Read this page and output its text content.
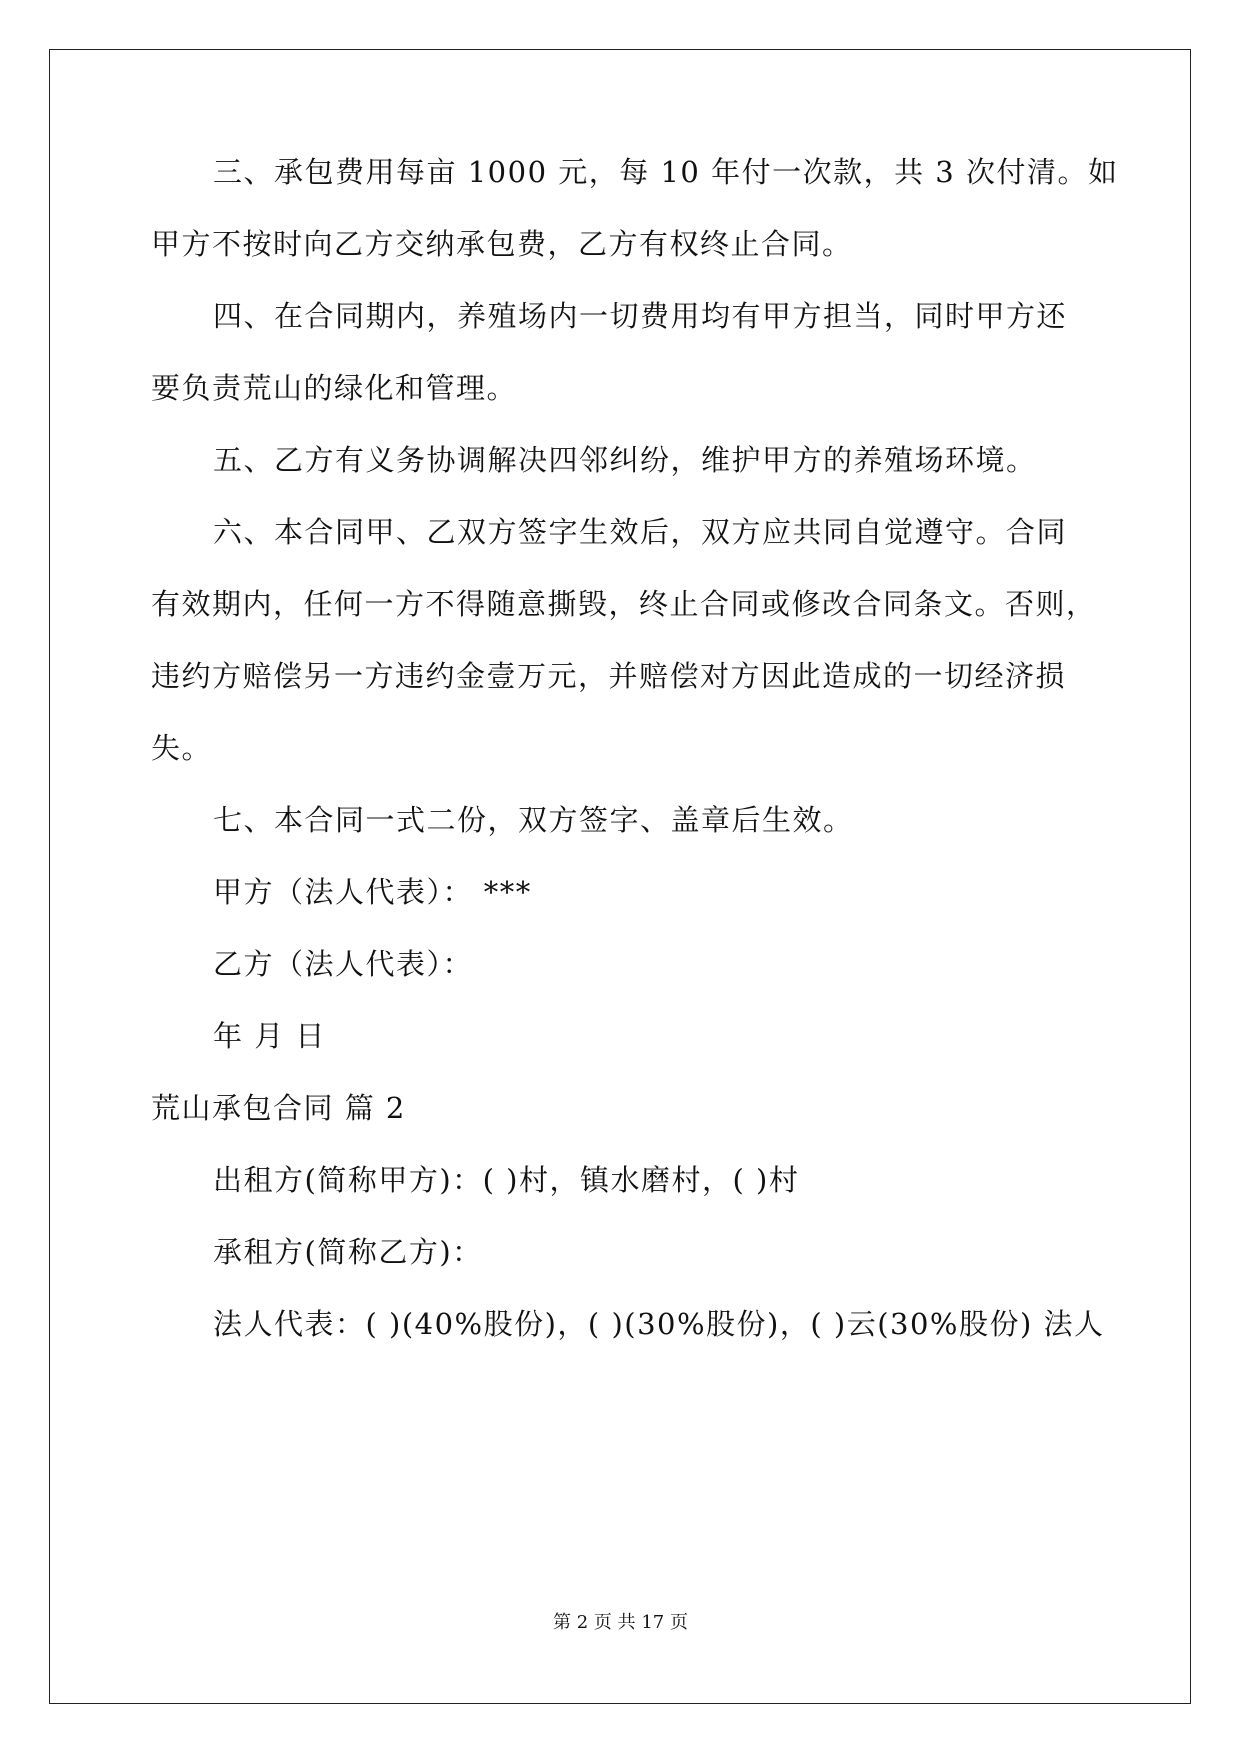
三、承包费用每亩 1000 元，每 10 年付一次款，共 3 次付清。如
甲方不按时向乙方交纳承包费，乙方有权终止合同。
四、在合同期内，养殖场内一切费用均有甲方担当，同时甲方还
要负责荒山的绿化和管理。
五、乙方有义务协调解决四邻纠纷，维护甲方的养殖场环境。
六、本合同甲、乙双方签字生效后，双方应共同自觉遵守。合同
有效期内，任何一方不得随意撕毁，终止合同或修改合同条文。否则，
违约方赔偿另一方违约金壹万元，并赔偿对方因此造成的一切经济损
失。
七、本合同一式二份，双方签字、盖章后生效。
甲方（法人代表）： ***
乙方（法人代表）：
年 月 日
荒山承包合同 篇 2
出租方(简称甲方)：( )村，镇水磨村，( )村
承租方(简称乙方)：
法人代表：( )(40%股份)，( )(30%股份)，( )云(30%股份) 法人
第 2 页 共 17 页
